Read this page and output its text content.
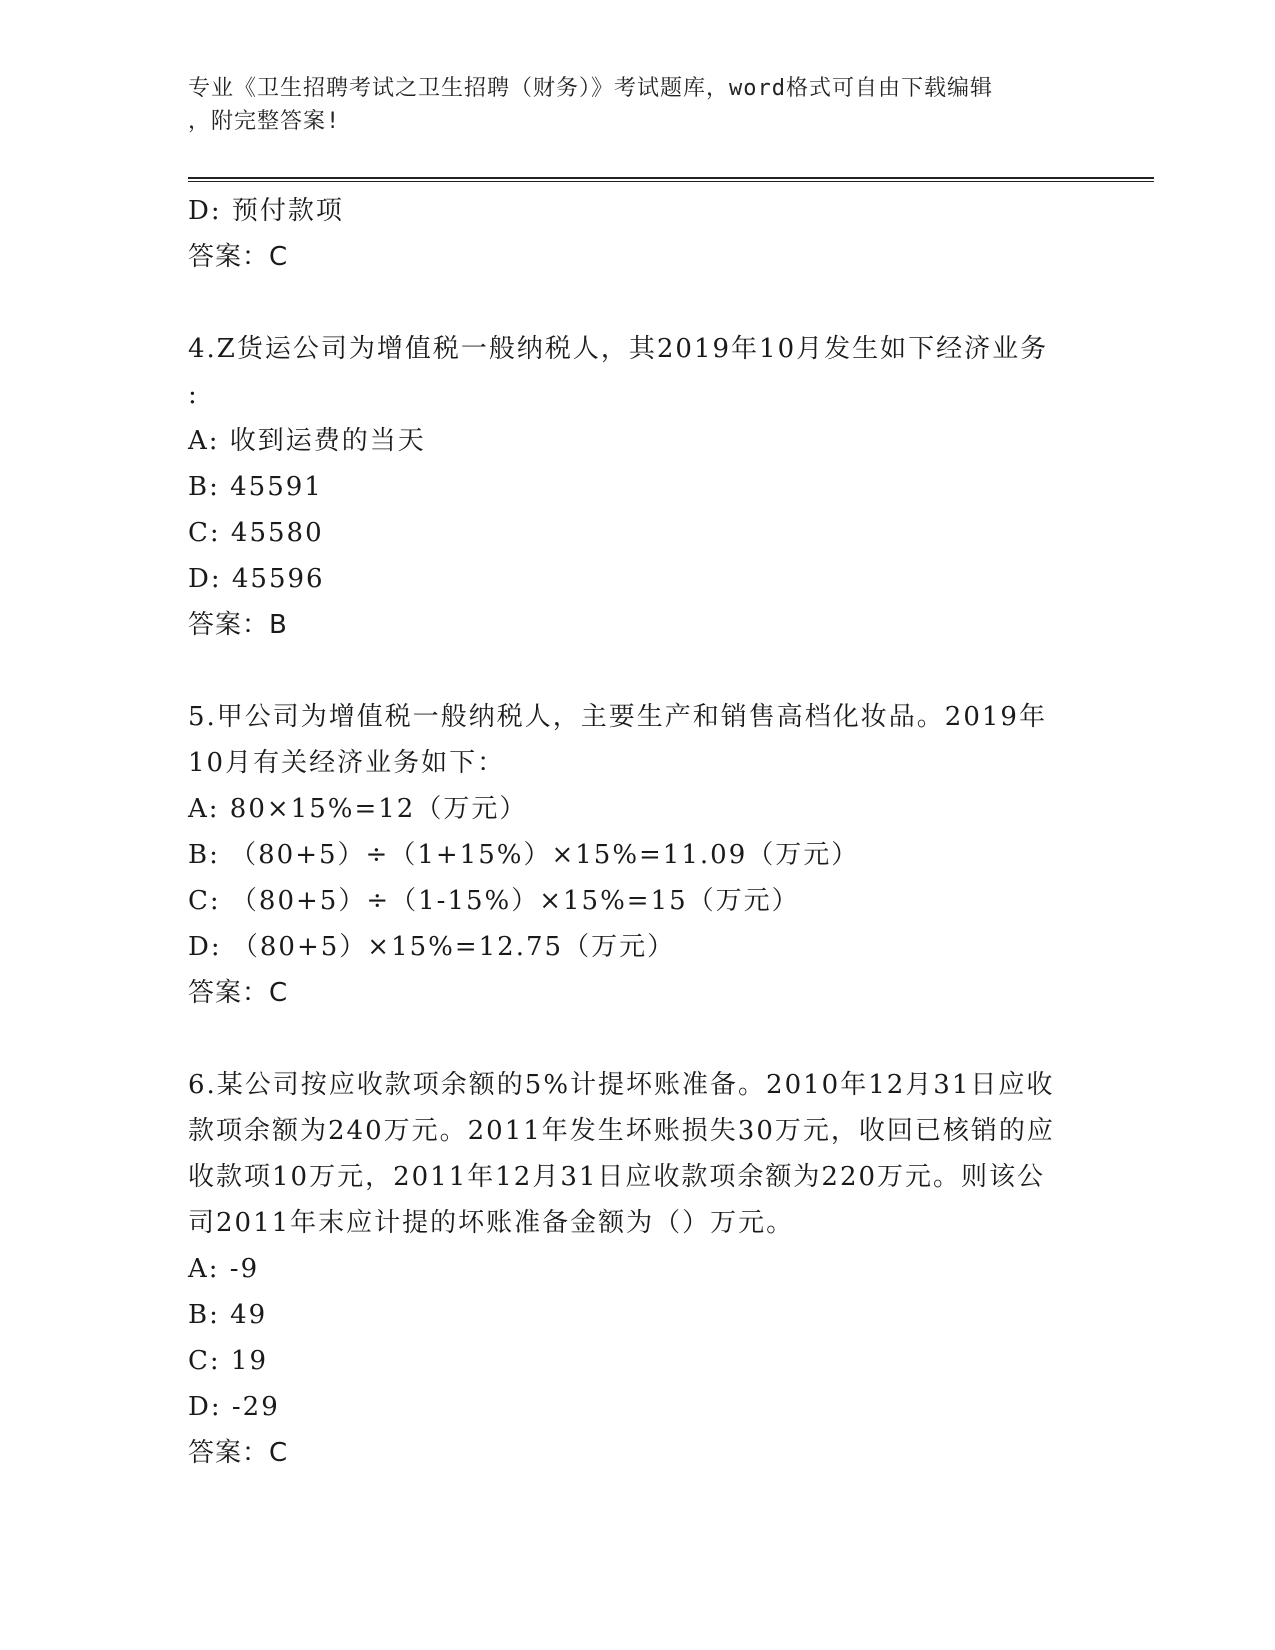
专业《卫生招聘考试之卫生招聘（财务）》考试题库，word格式可自由下载编辑
，附完整答案!
D: 预付款项
答案：C
4.Z货运公司为增值税一般纳税人，其2019年10月发生如下经济业务
:
A: 收到运费的当天
B: 45591
C: 45580
D: 45596
答案：B
5.甲公司为增值税一般纳税人，主要生产和销售高档化妆品。2019年
10月有关经济业务如下：
A: 80×15%=12（万元）
B: （80+5）÷（1+15%）×15%=11.09（万元）
C: （80+5）÷（1-15%）×15%=15（万元）
D: （80+5）×15%=12.75（万元）
答案：C
6.某公司按应收款项余额的5%计提坏账准备。2010年12月31日应收
款项余额为240万元。2011年发生坏账损失30万元，收回已核销的应
收款项10万元，2011年12月31日应收款项余额为220万元。则该公
司2011年末应计提的坏账准备金额为（）万元。
A: -9
B: 49
C: 19
D: -29
答案：C
